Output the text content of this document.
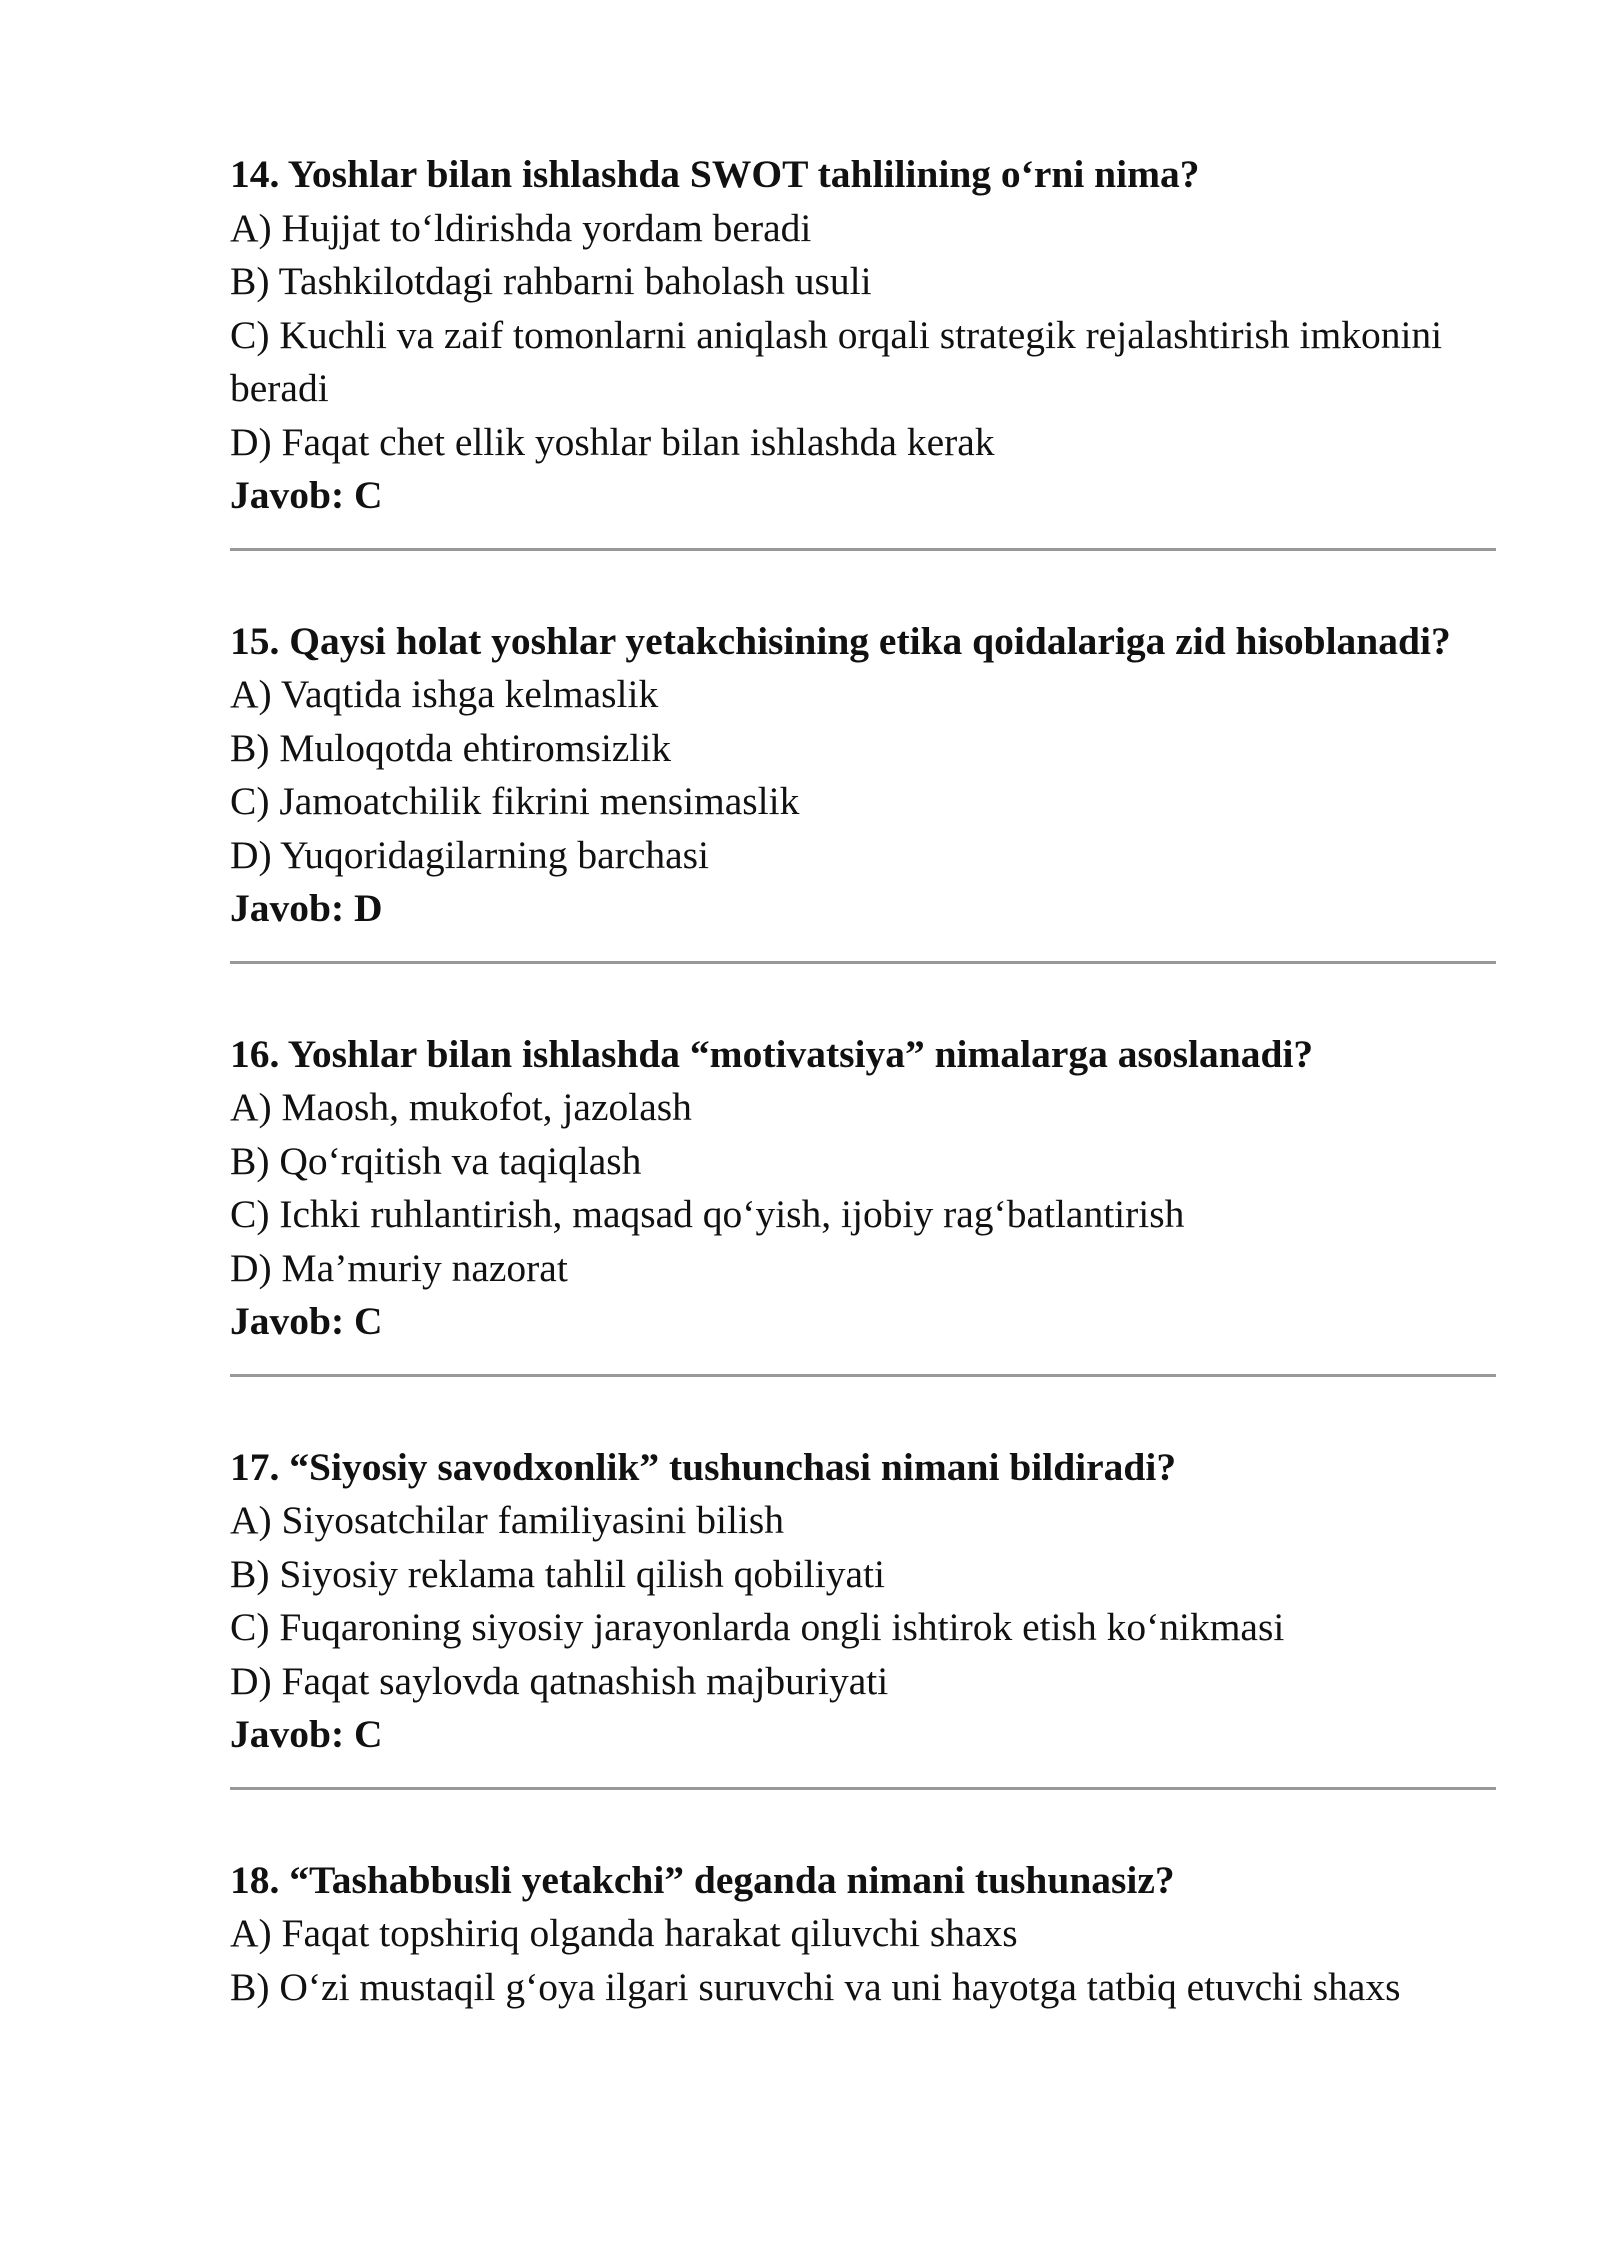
14. Yoshlar bilan ishlashda SWOT tahlilining o‘rni nima?

A) Hujjat to‘ldirishda yordam beradi

B) Tashkilotdagi rahbarni baholash usuli

C) Kuchli va zaif tomonlarni aniqlash orqali strategik rejalashtirish imkonini beradi

D) Faqat chet ellik yoshlar bilan ishlashda kerak

Javob: C

15. Qaysi holat yoshlar yetakchisining etika qoidalariga zid hisoblanadi?

A) Vaqtida ishga kelmaslik

B) Muloqotda ehtiromsizlik

C) Jamoatchilik fikrini mensimaslik

D) Yuqoridagilarning barchasi

Javob: D

16. Yoshlar bilan ishlashda “motivatsiya” nimalarga asoslanadi?

A) Maosh, mukofot, jazolash

B) Qo‘rqitish va taqiqlash

C) Ichki ruhlantirish, maqsad qo‘yish, ijobiy rag‘batlantirish

D) Ma’muriy nazorat

Javob: C

17. “Siyosiy savodxonlik” tushunchasi nimani bildiradi?

A) Siyosatchilar familiyasini bilish

B) Siyosiy reklama tahlil qilish qobiliyati

C) Fuqaroning siyosiy jarayonlarda ongli ishtirok etish ko‘nikmasi

D) Faqat saylovda qatnashish majburiyati

Javob: C

18. “Tashabbusli yetakchi” deganda nimani tushunasiz?

A) Faqat topshiriq olganda harakat qiluvchi shaxs

B) O‘zi mustaqil g‘oya ilgari suruvchi va uni hayotga tatbiq etuvchi shaxs
